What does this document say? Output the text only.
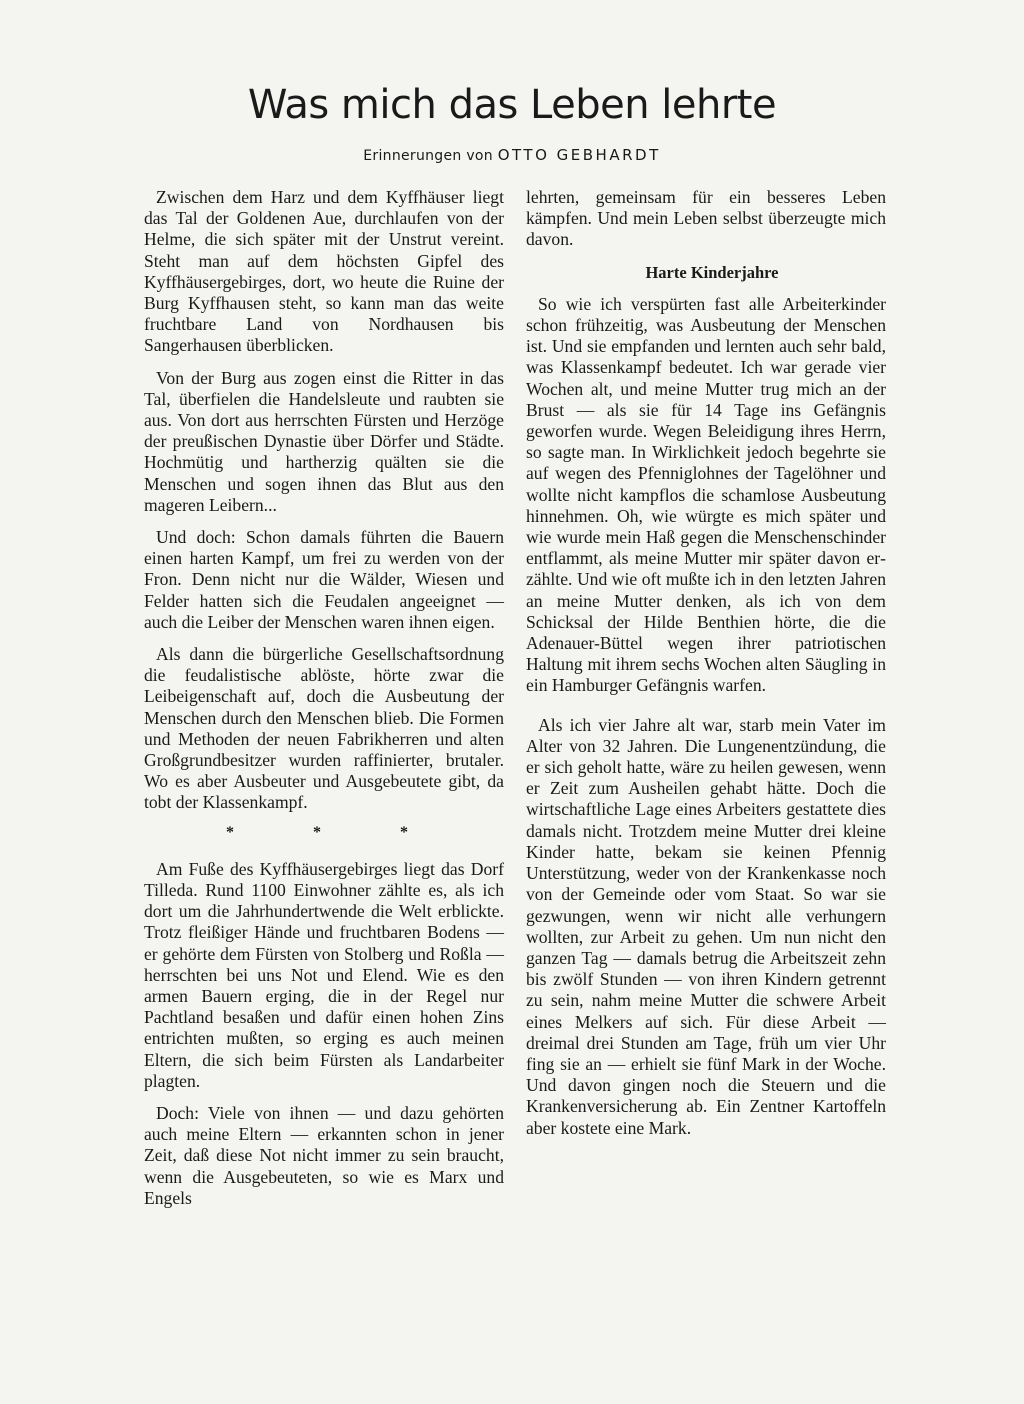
Was mich das Leben lehrte
Erinnerungen von OTTO GEBHARDT

Zwischen dem Harz und dem Kyffhäuser liegt das Tal der Goldenen Aue, durchlaufen von der Helme, die sich später mit der Unstrut vereint. Steht man auf dem höchsten Gipfel des Kyffhäusergebirges, dort, wo heute die Ruine der Burg Kyffhausen steht, so kann man das weite fruchtbare Land von Nordhausen bis Sangerhausen überblicken.

Von der Burg aus zogen einst die Ritter in das Tal, überfielen die Handelsleute und raubten sie aus. Von dort aus herrschten Fürsten und Herzöge der preußischen Dynastie über Dörfer und Städte. Hochmütig und hartherzig quälten sie die Menschen und sogen ihnen das Blut aus den mageren Leibern...

Und doch: Schon damals führten die Bauern einen harten Kampf, um frei zu werden von der Fron. Denn nicht nur die Wälder, Wiesen und Felder hatten sich die Feudalen angeeignet — auch die Leiber der Menschen waren ihnen eigen.

Als dann die bürgerliche Gesellschaftsordnung die feudalistische ablöste, hörte zwar die Leibeigenschaft auf, doch die Ausbeutung der Menschen durch den Menschen blieb. Die Formen und Methoden der neuen Fabrikherren und alten Großgrundbesitzer wurden raffinierter, brutaler. Wo es aber Ausbeuter und Ausgebeutete gibt, da tobt der Klassenkampf.

*	*	*

Am Fuße des Kyffhäusergebirges liegt das Dorf Tilleda. Rund 1100 Einwohner zählte es, als ich dort um die Jahrhundertwende die Welt erblickte. Trotz fleißiger Hände und fruchtbaren Bodens — er gehörte dem Fürsten von Stolberg und Roßla — herrschten bei uns Not und Elend. Wie es den armen Bauern erging, die in der Regel nur Pachtland besaßen und dafür einen hohen Zins entrichten mußten, so erging es auch meinen Eltern, die sich beim Fürsten als Landarbeiter plagten.

Doch: Viele von ihnen — und dazu gehörten auch meine Eltern — erkannten schon in jener Zeit, daß diese Not nicht immer zu sein braucht, wenn die Ausgebeuteten, so wie es Marx und Engels

lehrten, gemeinsam für ein besseres Leben kämpfen. Und mein Leben selbst überzeugte mich davon.

Harte Kinderjahre

So wie ich verspürten fast alle Arbeiterkinder schon frühzeitig, was Ausbeutung der Menschen ist. Und sie empfanden und lernten auch sehr bald, was Klassenkampf bedeutet. Ich war gerade vier Wochen alt, und meine Mutter trug mich an der Brust — als sie für 14 Tage ins Gefängnis geworfen wurde. Wegen Beleidigung ihres Herrn, so sagte man. In Wirklichkeit jedoch begehrte sie auf wegen des Pfenniglohnes der Tagelöhner und wollte nicht kampflos die schamlose Ausbeutung hinnehmen. Oh, wie würgte es mich später und wie wurde mein Haß gegen die Menschenschinder entflammt, als meine Mutter mir später davon erzählte. Und wie oft mußte ich in den letzten Jahren an meine Mutter denken, als ich von dem Schicksal der Hilde Benthien hörte, die die Adenauer-Büttel wegen ihrer patriotischen Haltung mit ihrem sechs Wochen alten Säugling in ein Hamburger Gefängnis warfen.

Als ich vier Jahre alt war, starb mein Vater im Alter von 32 Jahren. Die Lungenentzündung, die er sich geholt hatte, wäre zu heilen gewesen, wenn er Zeit zum Ausheilen gehabt hätte. Doch die wirtschaftliche Lage eines Arbeiters gestattete dies damals nicht. Trotzdem meine Mutter drei kleine Kinder hatte, bekam sie keinen Pfennig Unterstützung, weder von der Krankenkasse noch von der Gemeinde oder vom Staat. So war sie gezwungen, wenn wir nicht alle verhungern wollten, zur Arbeit zu gehen. Um nun nicht den ganzen Tag — damals betrug die Arbeitszeit zehn bis zwölf Stunden — von ihren Kindern getrennt zu sein, nahm meine Mutter die schwere Arbeit eines Melkers auf sich. Für diese Arbeit — dreimal drei Stunden am Tage, früh um vier Uhr fing sie an — erhielt sie fünf Mark in der Woche. Und davon gingen noch die Steuern und die Krankenversicherung ab. Ein Zentner Kartoffeln aber kostete eine Mark.
